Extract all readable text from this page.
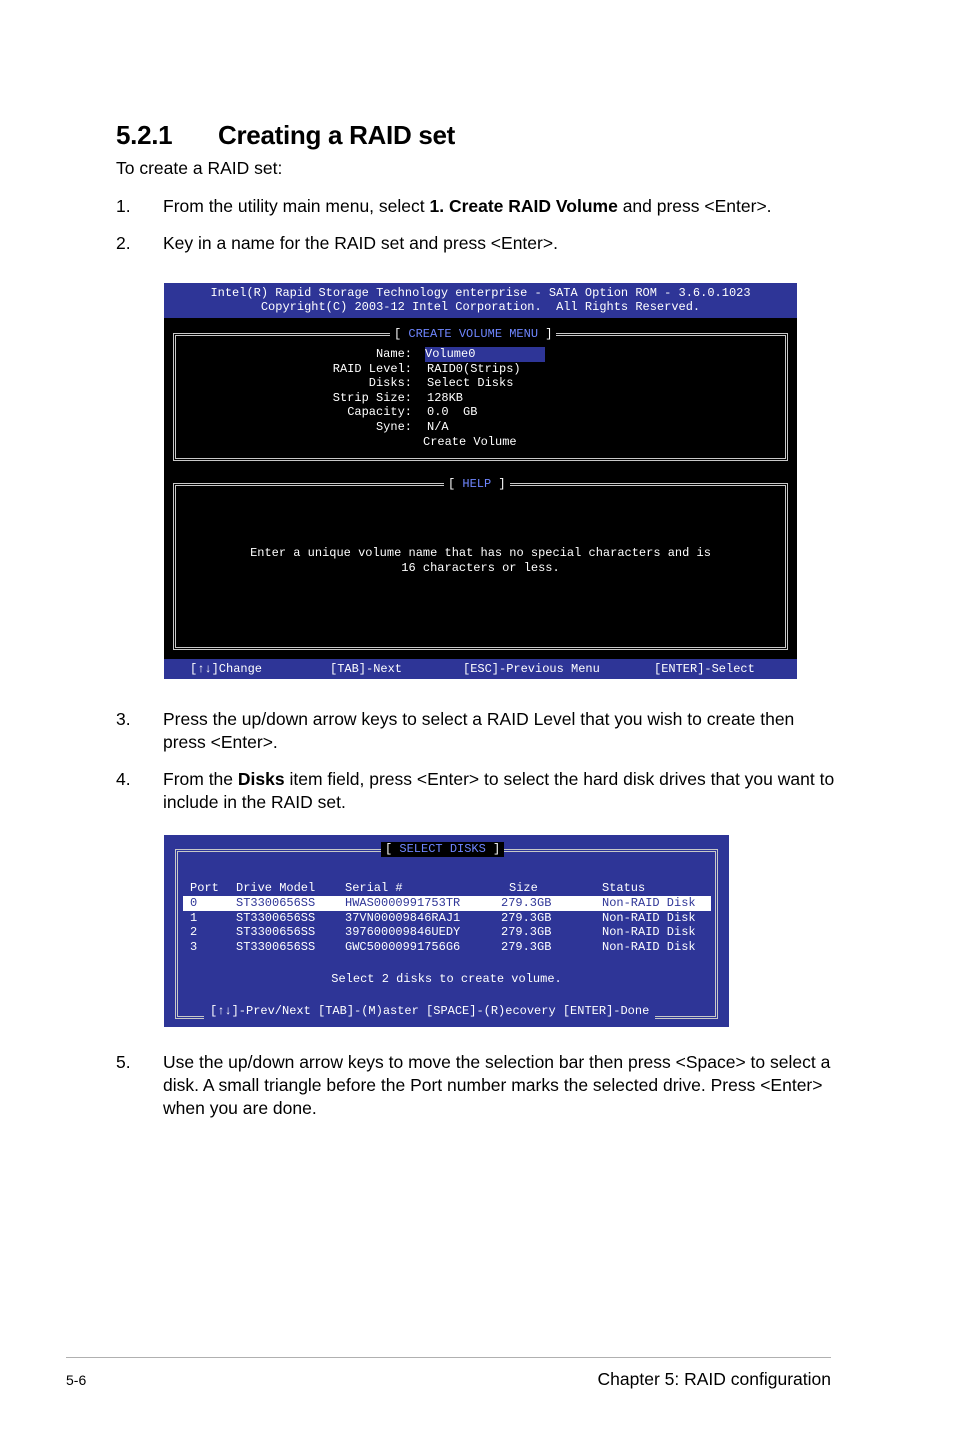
5.2.1 Creating a RAID set
To create a RAID set:
1. From the utility main menu, select 1. Create RAID Volume and press <Enter>.
2. Key in a name for the RAID set and press <Enter>.

Intel(R) Rapid Storage Technology enterprise - SATA Option ROM - 3.6.0.1023

Copyright(C) 2003-12 Intel Corporation.  All Rights Reserved.

[ CREATE VOLUME MENU ]

Name:

Volume0

RAID Level:

RAID0(Strips)

Disks:

Select Disks

Strip Size:

128KB

Capacity:

0.0  GB

Syne:

N/A

Create Volume

[ HELP ]

Enter a unique volume name that has no special characters and is

16 characters or less.

[↑↓]Change

	[TAB]-Next

	[ESC]-Previous Menu

	[ENTER]-Select

3. Press the up/down arrow keys to select a RAID Level that you wish to create then press <Enter>.
4. From the Disks item field, press <Enter> to select the hard disk drives that you want to include in the RAID set.

[ SELECT DISKS ]

Port Drive Model Serial #	Size	Status
0	ST3300656SS HWAS0000991753TR	279.3GB	Non-RAID Disk
1	ST3300656SS 37VN00009846RAJ1	279.3GB	Non-RAID Disk
2	ST3300656SS 397600009846UEDY	279.3GB	Non-RAID Disk
3	ST3300656SS GWC50000991756G6	279.3GB	Non-RAID Disk
Select 2 disks to create volume.
[↑↓]-Prev/Next [TAB]-(M)aster [SPACE]-(R)ecovery [ENTER]-Done
5. Use the up/down arrow keys to move the selection bar then press <Space> to select a disk. A small triangle before the Port number marks the selected drive. Press <Enter> when you are done.
5-6	Chapter 5: RAID configuration
